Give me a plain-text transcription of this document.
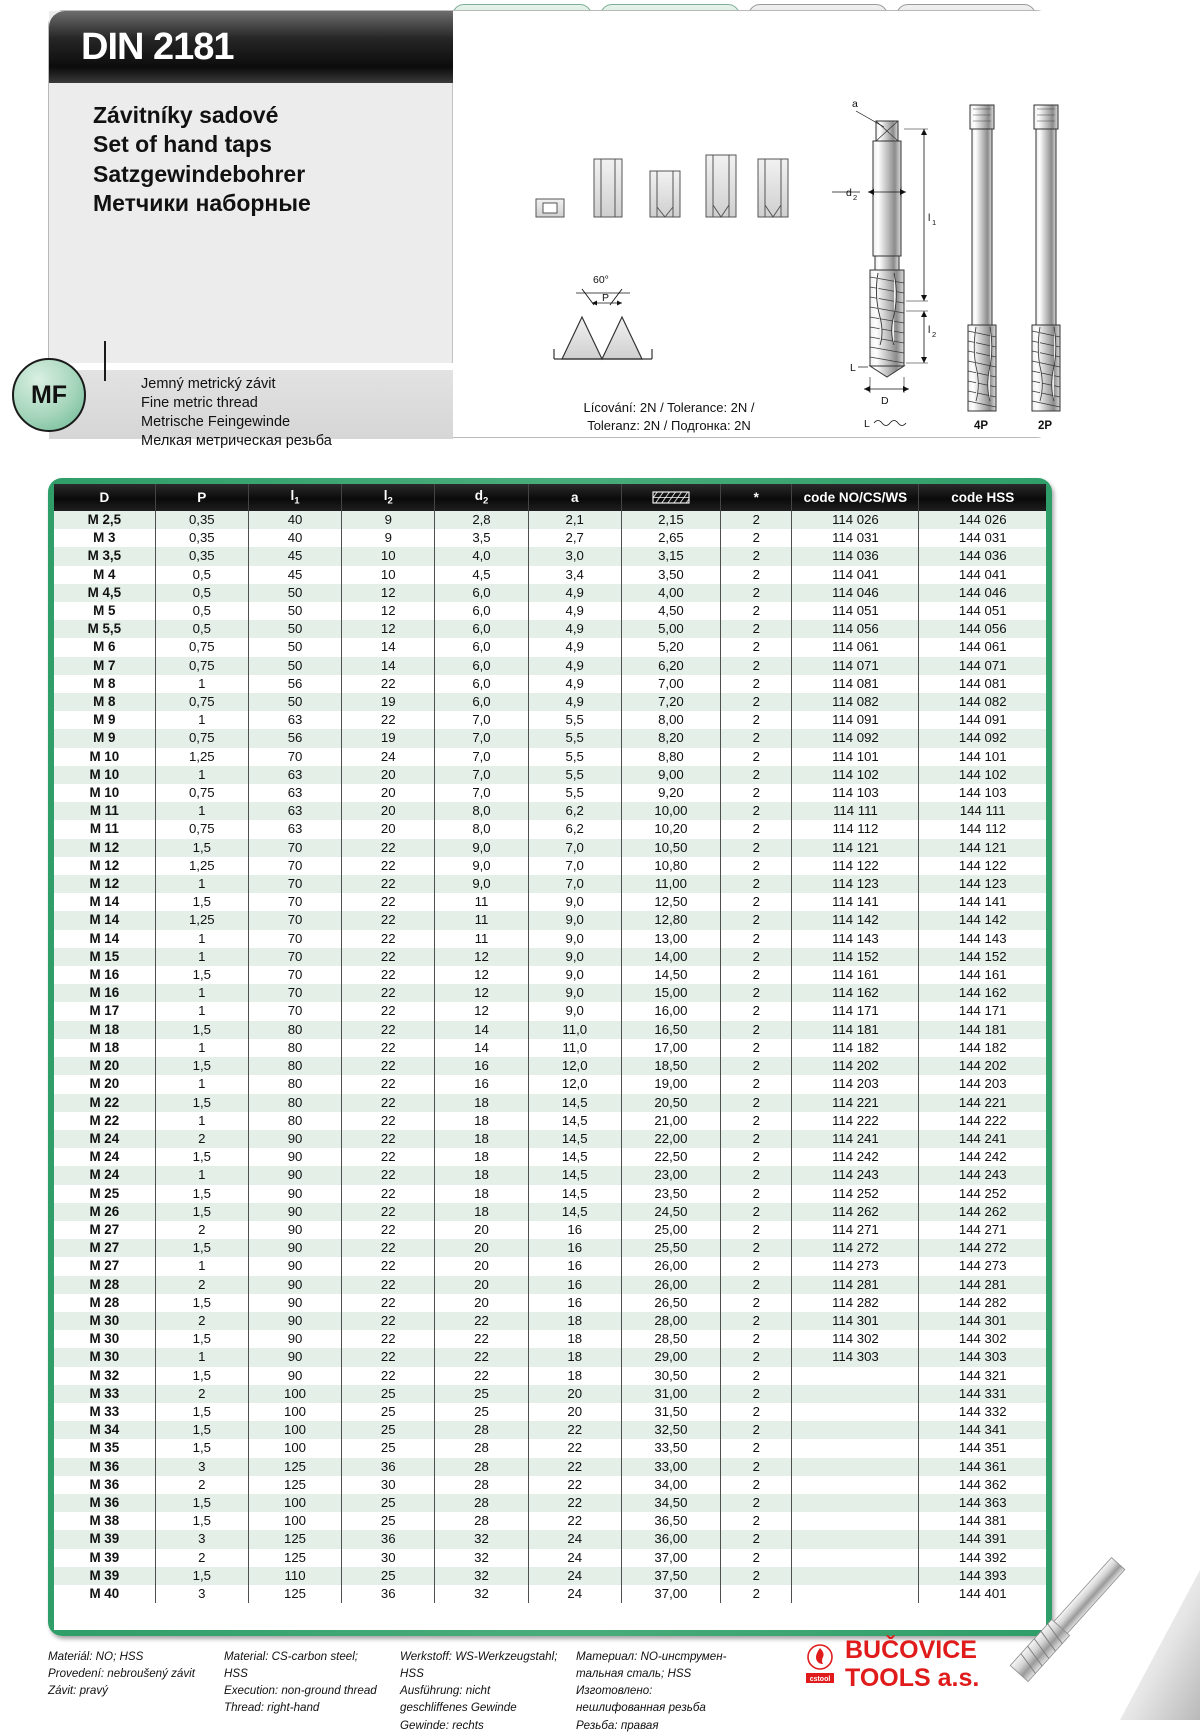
DIN 2181
Závitníky sadové
Set of hand taps
Satzgewindebohrer
Метчики наборные
Jemný metrický závit
Fine metric thread
Metrische Feingewinde
Мелкая метрическая резьба
60°
P
a
d 2
l 1
l 2
L
D
L	4P	2P
Lícování: 2N / Tolerance: 2N /
Toleranz: 2N / Подгонка: 2N
MF
D	P	$l_1$	$l_2$	$d_2$	a		*	code NO/CS/WS	code HSS
M 2,5	0,35	40	9	2,8	2,1	2,15	2	114 026	144 026
M 3	0,35	40	9	3,5	2,7	2,65	2	114 031	144 031
M 3,5	0,35	45	10	4,0	3,0	3,15	2	114 036	144 036
M 4	0,5	45	10	4,5	3,4	3,50	2	114 041	144 041
M 4,5	0,5	50	12	6,0	4,9	4,00	2	114 046	144 046
M 5	0,5	50	12	6,0	4,9	4,50	2	114 051	144 051
M 5,5	0,5	50	12	6,0	4,9	5,00	2	114 056	144 056
M 6	0,75	50	14	6,0	4,9	5,20	2	114 061	144 061
M 7	0,75	50	14	6,0	4,9	6,20	2	114 071	144 071
M 8	1	56	22	6,0	4,9	7,00	2	114 081	144 081
M 8	0,75	50	19	6,0	4,9	7,20	2	114 082	144 082
M 9	1	63	22	7,0	5,5	8,00	2	114 091	144 091
M 9	0,75	56	19	7,0	5,5	8,20	2	114 092	144 092
M 10	1,25	70	24	7,0	5,5	8,80	2	114 101	144 101
M 10	1	63	20	7,0	5,5	9,00	2	114 102	144 102
M 10	0,75	63	20	7,0	5,5	9,20	2	114 103	144 103
M 11	1	63	20	8,0	6,2	10,00	2	114 111	144 111
M 11	0,75	63	20	8,0	6,2	10,20	2	114 112	144 112
M 12	1,5	70	22	9,0	7,0	10,50	2	114 121	144 121
M 12	1,25	70	22	9,0	7,0	10,80	2	114 122	144 122
M 12	1	70	22	9,0	7,0	11,00	2	114 123	144 123
M 14	1,5	70	22	11	9,0	12,50	2	114 141	144 141
M 14	1,25	70	22	11	9,0	12,80	2	114 142	144 142
M 14	1	70	22	11	9,0	13,00	2	114 143	144 143
M 15	1	70	22	12	9,0	14,00	2	114 152	144 152
M 16	1,5	70	22	12	9,0	14,50	2	114 161	144 161
M 16	1	70	22	12	9,0	15,00	2	114 162	144 162
M 17	1	70	22	12	9,0	16,00	2	114 171	144 171
M 18	1,5	80	22	14	11,0	16,50	2	114 181	144 181
M 18	1	80	22	14	11,0	17,00	2	114 182	144 182
M 20	1,5	80	22	16	12,0	18,50	2	114 202	144 202
M 20	1	80	22	16	12,0	19,00	2	114 203	144 203
M 22	1,5	80	22	18	14,5	20,50	2	114 221	144 221
M 22	1	80	22	18	14,5	21,00	2	114 222	144 222
M 24	2	90	22	18	14,5	22,00	2	114 241	144 241
M 24	1,5	90	22	18	14,5	22,50	2	114 242	144 242
M 24	1	90	22	18	14,5	23,00	2	114 243	144 243
M 25	1,5	90	22	18	14,5	23,50	2	114 252	144 252
M 26	1,5	90	22	18	14,5	24,50	2	114 262	144 262
M 27	2	90	22	20	16	25,00	2	114 271	144 271
M 27	1,5	90	22	20	16	25,50	2	114 272	144 272
M 27	1	90	22	20	16	26,00	2	114 273	144 273
M 28	2	90	22	20	16	26,00	2	114 281	144 281
M 28	1,5	90	22	20	16	26,50	2	114 282	144 282
M 30	2	90	22	22	18	28,00	2	114 301	144 301
M 30	1,5	90	22	22	18	28,50	2	114 302	144 302
M 30	1	90	22	22	18	29,00	2	114 303	144 303
M 32	1,5	90	22	22	18	30,50	2		144 321
M 33	2	100	25	25	20	31,00	2		144 331
M 33	1,5	100	25	25	20	31,50	2		144 332
M 34	1,5	100	25	28	22	32,50	2		144 341
M 35	1,5	100	25	28	22	33,50	2		144 351
M 36	3	125	36	28	22	33,00	2		144 361
M 36	2	125	30	28	22	34,00	2		144 362
M 36	1,5	100	25	28	22	34,50	2		144 363
M 38	1,5	100	25	28	22	36,50	2		144 381
M 39	3	125	36	32	24	36,00	2		144 391
M 39	2	125	30	32	24	37,00	2		144 392
M 39	1,5	110	25	32	24	37,50	2		144 393
M 40	3	125	36	32	24	37,00	2		144 401
Materiál: NO; HSS
Provedení: nebroušený závit
Závit: pravý
Material: CS-carbon steel;
HSS
Execution: non-ground thread
Thread: right-hand
Werkstoff: WS-Werkzeugstahl;
HSS
Ausführung: nicht
geschliffenes Gewinde
Gewinde: rechts
Материал: NO-инструмен-
тальная сталь; HSS
Изготовлено:
нешлифованная резьба
Резьба: правая
cstool
BUČOVICE
TOOLS a.s.
